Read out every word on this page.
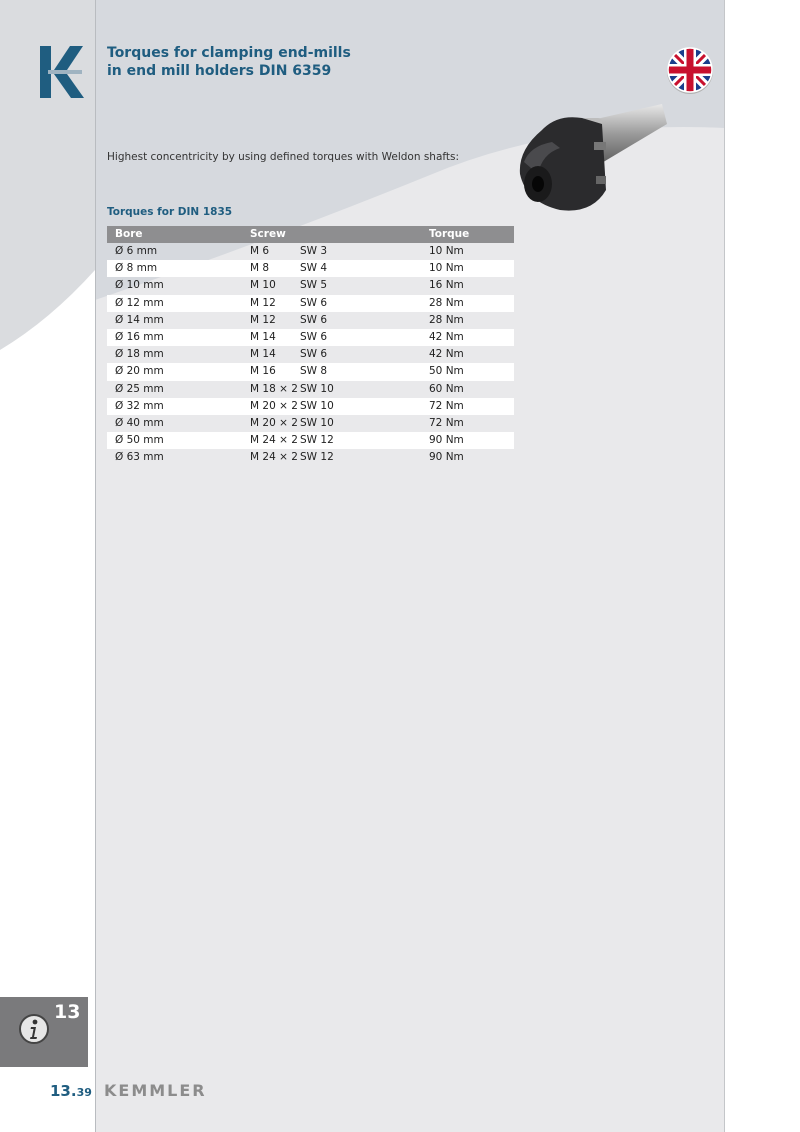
Torques for clamping end-mills
in end mill holders DIN 6359

Highest concentricity by using defined torques with Weldon shafts:

Torques for DIN 1835

Bore	Screw	Torque
Ø 6 mm	M 6	SW 3	10 Nm
Ø 8 mm	M 8	SW 4	10 Nm
Ø 10 mm	M 10 SW 5	16 Nm
Ø 12 mm	M 12 SW 6	28 Nm
Ø 14 mm	M 12 SW 6	28 Nm
Ø 16 mm	M 14 SW 6	42 Nm
Ø 18 mm	M 14 SW 6	42 Nm
Ø 20 mm	M 16 SW 8	50 Nm
Ø 25 mm	M 18 × 2 SW 10	60 Nm
Ø 32 mm	M 20 × 2 SW 10	72 Nm
Ø 40 mm	M 20 × 2 SW 10	72 Nm
Ø 50 mm	M 24 × 2 SW 12	90 Nm
Ø 63 mm	M 24 × 2 SW 12	90 Nm
13
13.39 KEMMLER
